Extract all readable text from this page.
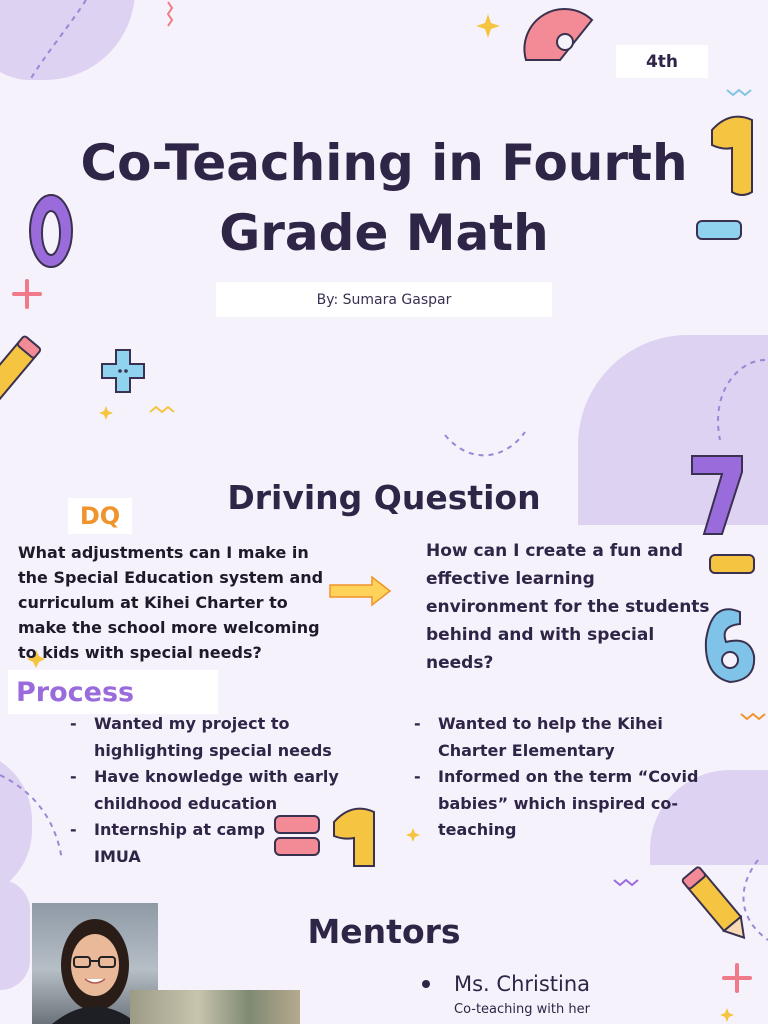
4th
Co-Teaching in Fourth
Grade Math
By: Sumara Gaspar
Driving Question
DQ
What adjustments can I make in the Special Education system and curriculum at Kihei Charter to make the school more welcoming to kids with special needs?
How can I create a fun and effective learning environment for the students behind and with special needs?
Process
- Wanted my project to highlighting special needs
- Have knowledge with early childhood education
- Internship at camp IMUA
- Wanted to help the Kihei Charter Elementary
- Informed on the term “Covid babies” which inspired co-teaching
Mentors
Ms. Christina
Co-teaching with her
